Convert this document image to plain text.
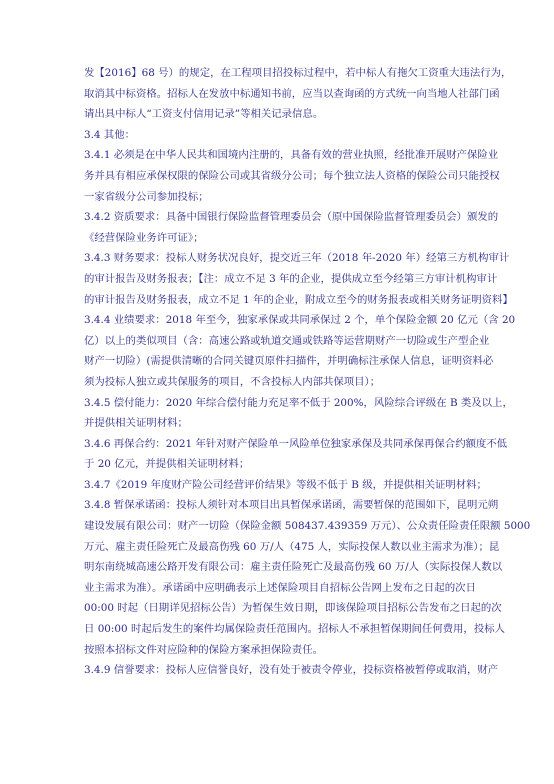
发【2016】68 号）的规定，在工程项目招投标过程中，若中标人有拖欠工资重大违法行为，
取消其中标资格。招标人在发放中标通知书前，应当以查询函的方式统一向当地人社部门函
请出具中标人“工资支付信用记录”等相关记录信息。
3.4 其他：
3.4.1 必须是在中华人民共和国境内注册的，具备有效的营业执照，经批准开展财产保险业
务并具有相应承保权限的保险公司或其省级分公司；每个独立法人资格的保险公司只能授权
一家省级分公司参加投标；
3.4.2 资质要求：具备中国银行保险监督管理委员会（原中国保险监督管理委员会）颁发的
《经营保险业务许可证》；
3.4.3 财务要求：投标人财务状况良好，提交近三年（2018 年-2020 年）经第三方机构审计
的审计报告及财务报表；【注：成立不足 3 年的企业，提供成立至今经第三方审计机构审计
的审计报告及财务报表，成立不足 1 年的企业，附成立至今的财务报表或相关财务证明资料】
3.4.4 业绩要求：2018 年至今，独家承保或共同承保过 2 个，单个保险金额 20 亿元（含 20
亿）以上的类似项目（含：高速公路或轨道交通或铁路等运营期财产一切险或生产型企业
财产一切险）(需提供清晰的合同关键页原件扫描件，并明确标注承保人信息，证明资料必
须为投标人独立或共保服务的项目，不含投标人内部共保项目）；
3.4.5 偿付能力：2020 年综合偿付能力充足率不低于 200%，风险综合评级在 B 类及以上，
并提供相关证明材料；
3.4.6 再保合约：2021 年针对财产保险单一风险单位独家承保及共同承保再保合约额度不低
于 20 亿元，并提供相关证明材料；
3.4.7《2019 年度财产险公司经营评价结果》等级不低于 B 级，并提供相关证明材料；
3.4.8 暂保承诺函：投标人须针对本项目出具暂保承诺函，需要暂保的范围如下，昆明元朔
建设发展有限公司：财产一切险（保险金额 508437.439359 万元）、公众责任险责任限额 5000
万元、雇主责任险死亡及最高伤残 60 万/人（475 人，实际投保人数以业主需求为准）；昆
明东南绕城高速公路开发有限公司：雇主责任险死亡及最高伤残 60 万/人（实际投保人数以
业主需求为准）。承诺函中应明确表示上述保险项目自招标公告网上发布之日起的次日
00:00 时起（日期详见招标公告）为暂保生效日期，即该保险项目招标公告发布之日起的次
日 00:00 时起后发生的案件均属保险责任范围内。招标人不承担暂保期间任何费用，投标人
按照本招标文件对应险种的保险方案承担保险责任。
3.4.9 信誉要求：投标人应信誉良好，没有处于被责令停业，投标资格被暂停或取消，财产
